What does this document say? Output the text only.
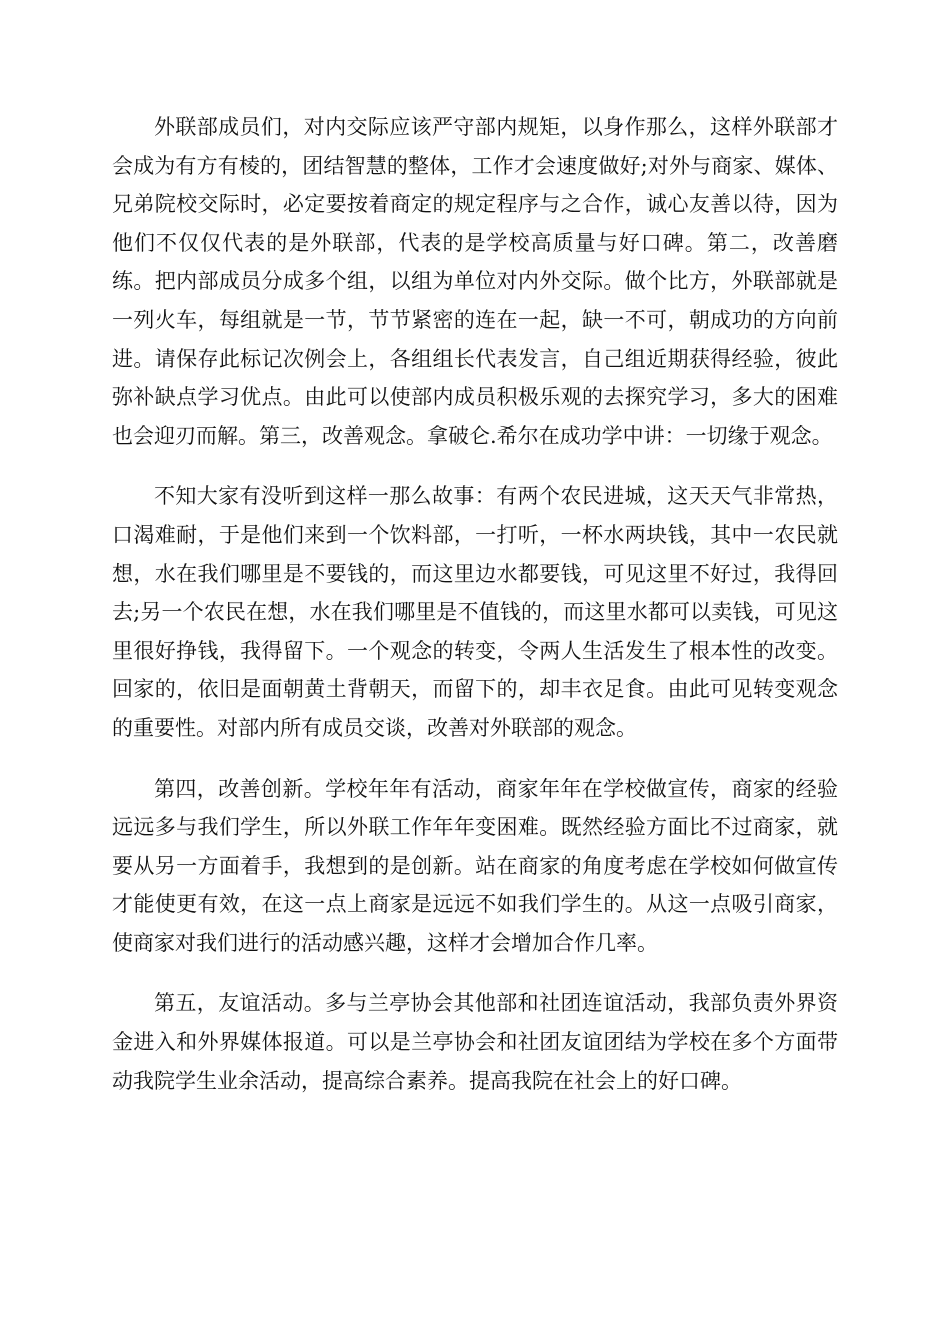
外联部成员们，对内交际应该严守部内规矩，以身作那么，这样外联部才会成为有方有棱的，团结智慧的整体，工作才会速度做好;对外与商家、媒体、兄弟院校交际时，必定要按着商定的规定程序与之合作，诚心友善以待，因为他们不仅仅代表的是外联部，代表的是学校高质量与好口碑。第二，改善磨练。把内部成员分成多个组，以组为单位对内外交际。做个比方，外联部就是一列火车，每组就是一节，节节紧密的连在一起，缺一不可，朝成功的方向前进。请保存此标记次例会上，各组组长代表发言，自己组近期获得经验，彼此弥补缺点学习优点。由此可以使部内成员积极乐观的去探究学习，多大的困难也会迎刃而解。第三，改善观念。拿破仑.希尔在成功学中讲：一切缘于观念。

不知大家有没听到这样一那么故事：有两个农民进城，这天天气非常热，口渴难耐，于是他们来到一个饮料部，一打听，一杯水两块钱，其中一农民就想，水在我们哪里是不要钱的，而这里边水都要钱，可见这里不好过，我得回去;另一个农民在想，水在我们哪里是不值钱的，而这里水都可以卖钱，可见这里很好挣钱，我得留下。一个观念的转变，令两人生活发生了根本性的改变。回家的，依旧是面朝黄土背朝天，而留下的，却丰衣足食。由此可见转变观念的重要性。对部内所有成员交谈，改善对外联部的观念。

第四，改善创新。学校年年有活动，商家年年在学校做宣传，商家的经验远远多与我们学生，所以外联工作年年变困难。既然经验方面比不过商家，就要从另一方面着手，我想到的是创新。站在商家的角度考虑在学校如何做宣传才能使更有效，在这一点上商家是远远不如我们学生的。从这一点吸引商家，使商家对我们进行的活动感兴趣，这样才会增加合作几率。

第五，友谊活动。多与兰亭协会其他部和社团连谊活动，我部负责外界资金进入和外界媒体报道。可以是兰亭协会和社团友谊团结为学校在多个方面带动我院学生业余活动，提高综合素养。提高我院在社会上的好口碑。
